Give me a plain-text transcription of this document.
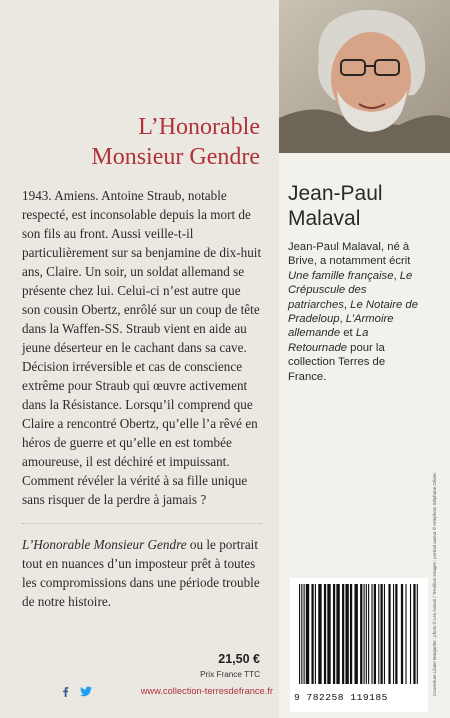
Jean-Paul
Malaval
Jean-Paul Malaval, né à Brive, a notamment écrit Une famille française, Le Crépuscule des patriarches, Le Notaire de Pradeloup, L’Armoire allemande et La Retournade pour la collection Terres de France.
Couverture Lilane Margaritte : photo © Les Avisori / Trevillion Images ; portrait auteur © Artephoto Stéphane Olivier.
9 782258 119185
L’Honorable
Monsieur Gendre

1943. Amiens. Antoine Straub, notable respecté, est inconsolable depuis la mort de son fils au front. Aussi veille-t-il particulièrement sur sa benjamine de dix-huit ans, Claire. Un soir, un soldat allemand se présente chez lui. Celui-ci n’est autre que son cousin Obertz, enrôlé sur un coup de tête dans la Waffen-SS. Straub vient en aide au jeune déserteur en le cachant dans sa cave. Décision irréversible et cas de conscience extrême pour Straub qui œuvre activement dans la Résistance. Lorsqu’il comprend que Claire a rencontré Obertz, qu’elle l’a rêvé en héros de guerre et qu’elle en est tombée amoureuse, il est déchiré et impuissant. Comment révéler la vérité à sa fille unique sans risquer de la perdre à jamais ?

L’Honorable Monsieur Gendre ou le portrait tout en nuances d’un imposteur prêt à toutes les compromissions dans une période trouble de notre histoire.

21,50 €
Prix France TTC
www.collection-terresdefrance.fr
